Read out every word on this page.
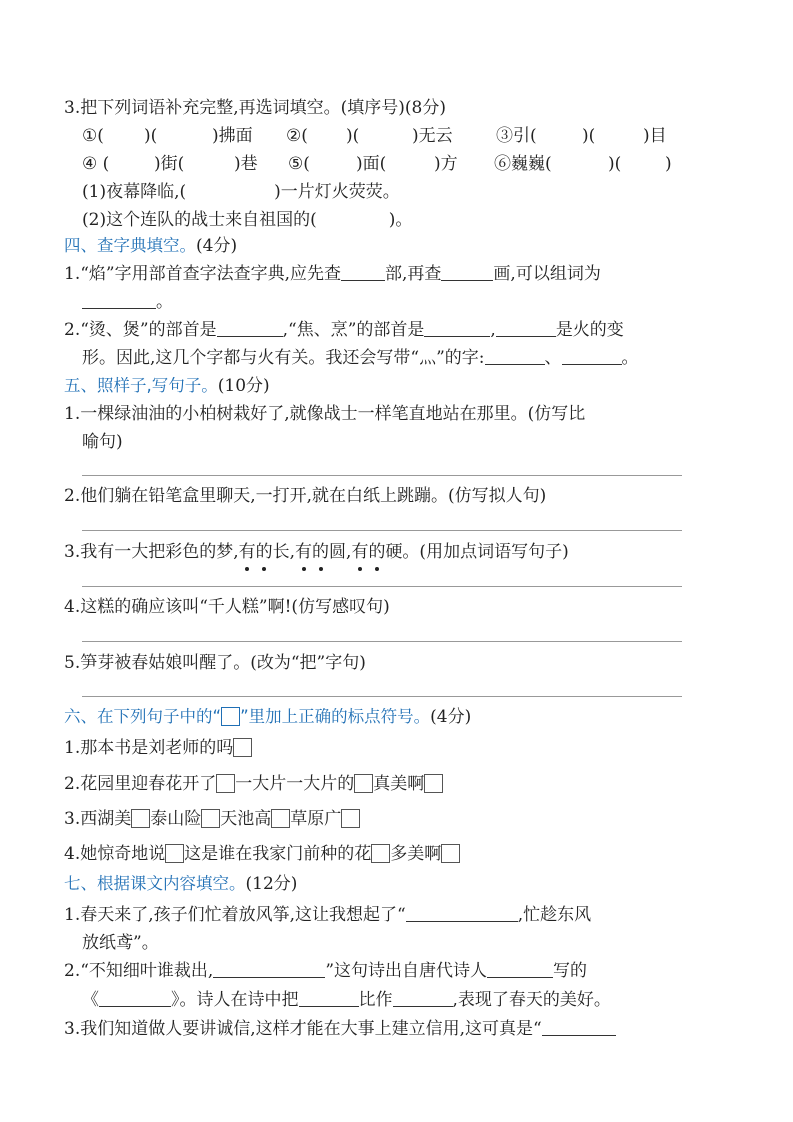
3.把下列词语补充完整,再选词填空。(填序号)(8分)
①( )(	)拂面 ②( )(	)无云	③引(	)(	)目
④ (	)街(	)巷 ⑤(	)面(	)方 ⑥巍巍(	)(	)
(1)夜幕降临,(	)一片灯火荧荧。
(2)这个连队的战士来自祖国的(	)。
四、查字典填空。(4分)
1.“焰”字用部首查字法查字典,应先查	部,再查	画,可以组词为
。
2.“烫、煲”的部首是	,“焦、烹”的部首是	,	是火的变
形。因此,这几个字都与火有关。我还会写带“灬”的字:	、	。
五、照样子,写句子。(10分)
1.一棵绿油油的小柏树栽好了,就像战士一样笔直地站在那里。(仿写比
喻句)
2.他们躺在铅笔盒里聊天,一打开,就在白纸上跳蹦。(仿写拟人句)
3.我有一大把彩色的梦,有的长,有的圆,有的硬。(用加点词语写句子)
4.这糕的确应该叫“千人糕”啊!(仿写感叹句)
5.笋芽被春姑娘叫醒了。(改为“把”字句)
六、在下列句子中的“ ”里加上正确的标点符号。(4分)
1.那本书是刘老师的吗
2.花园里迎春花开了 一大片一大片的 真美啊
3.西湖美 泰山险 天池高 草原广
4.她惊奇地说 这是谁在我家门前种的花 多美啊
七、根据课文内容填空。(12分)
1.春天来了,孩子们忙着放风筝,这让我想起了“	,忙趁东风
放纸鸢”。
2.“不知细叶谁裁出,	”这句诗出自唐代诗人	写的
《	》。诗人在诗中把	比作	,表现了春天的美好。
3.我们知道做人要讲诚信,这样才能在大事上建立信用,这可真是“
